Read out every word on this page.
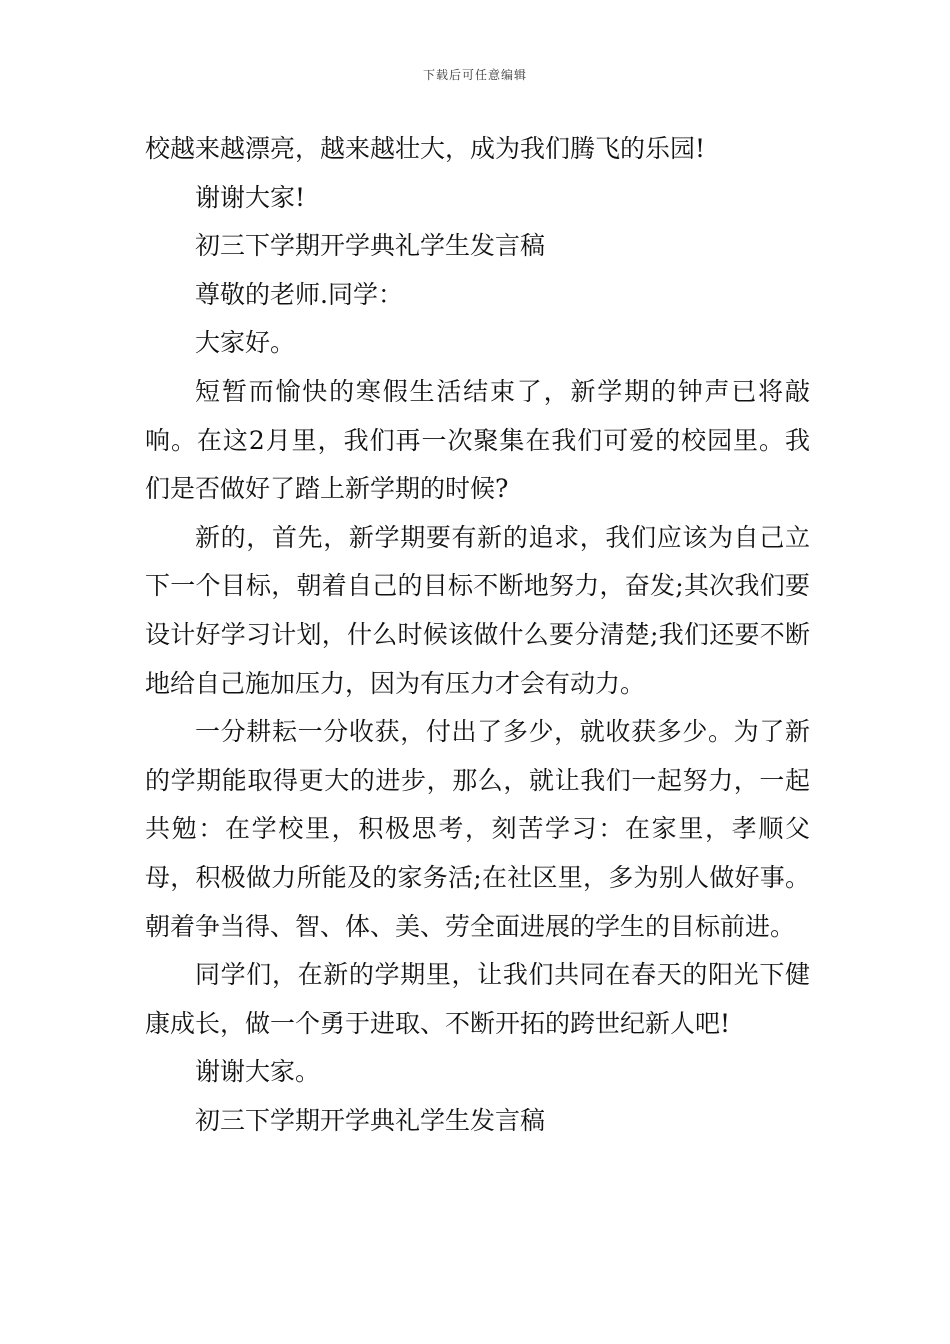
下载后可任意编辑

校越来越漂亮，越来越壮大，成为我们腾飞的乐园!

谢谢大家!

初三下学期开学典礼学生发言稿

尊敬的老师.同学：

大家好。

短暂而愉快的寒假生活结束了，新学期的钟声已将敲响。在这2月里，我们再一次聚集在我们可爱的校园里。我们是否做好了踏上新学期的时候?

新的，首先，新学期要有新的追求，我们应该为自己立下一个目标，朝着自己的目标不断地努力，奋发;其次我们要设计好学习计划，什么时候该做什么要分清楚;我们还要不断地给自己施加压力，因为有压力才会有动力。

一分耕耘一分收获，付出了多少，就收获多少。为了新的学期能取得更大的进步，那么，就让我们一起努力，一起共勉：在学校里，积极思考，刻苦学习：在家里，孝顺父母，积极做力所能及的家务活;在社区里，多为别人做好事。朝着争当得、智、体、美、劳全面进展的学生的目标前进。

同学们，在新的学期里，让我们共同在春天的阳光下健康成长，做一个勇于进取、不断开拓的跨世纪新人吧!

谢谢大家。

初三下学期开学典礼学生发言稿
